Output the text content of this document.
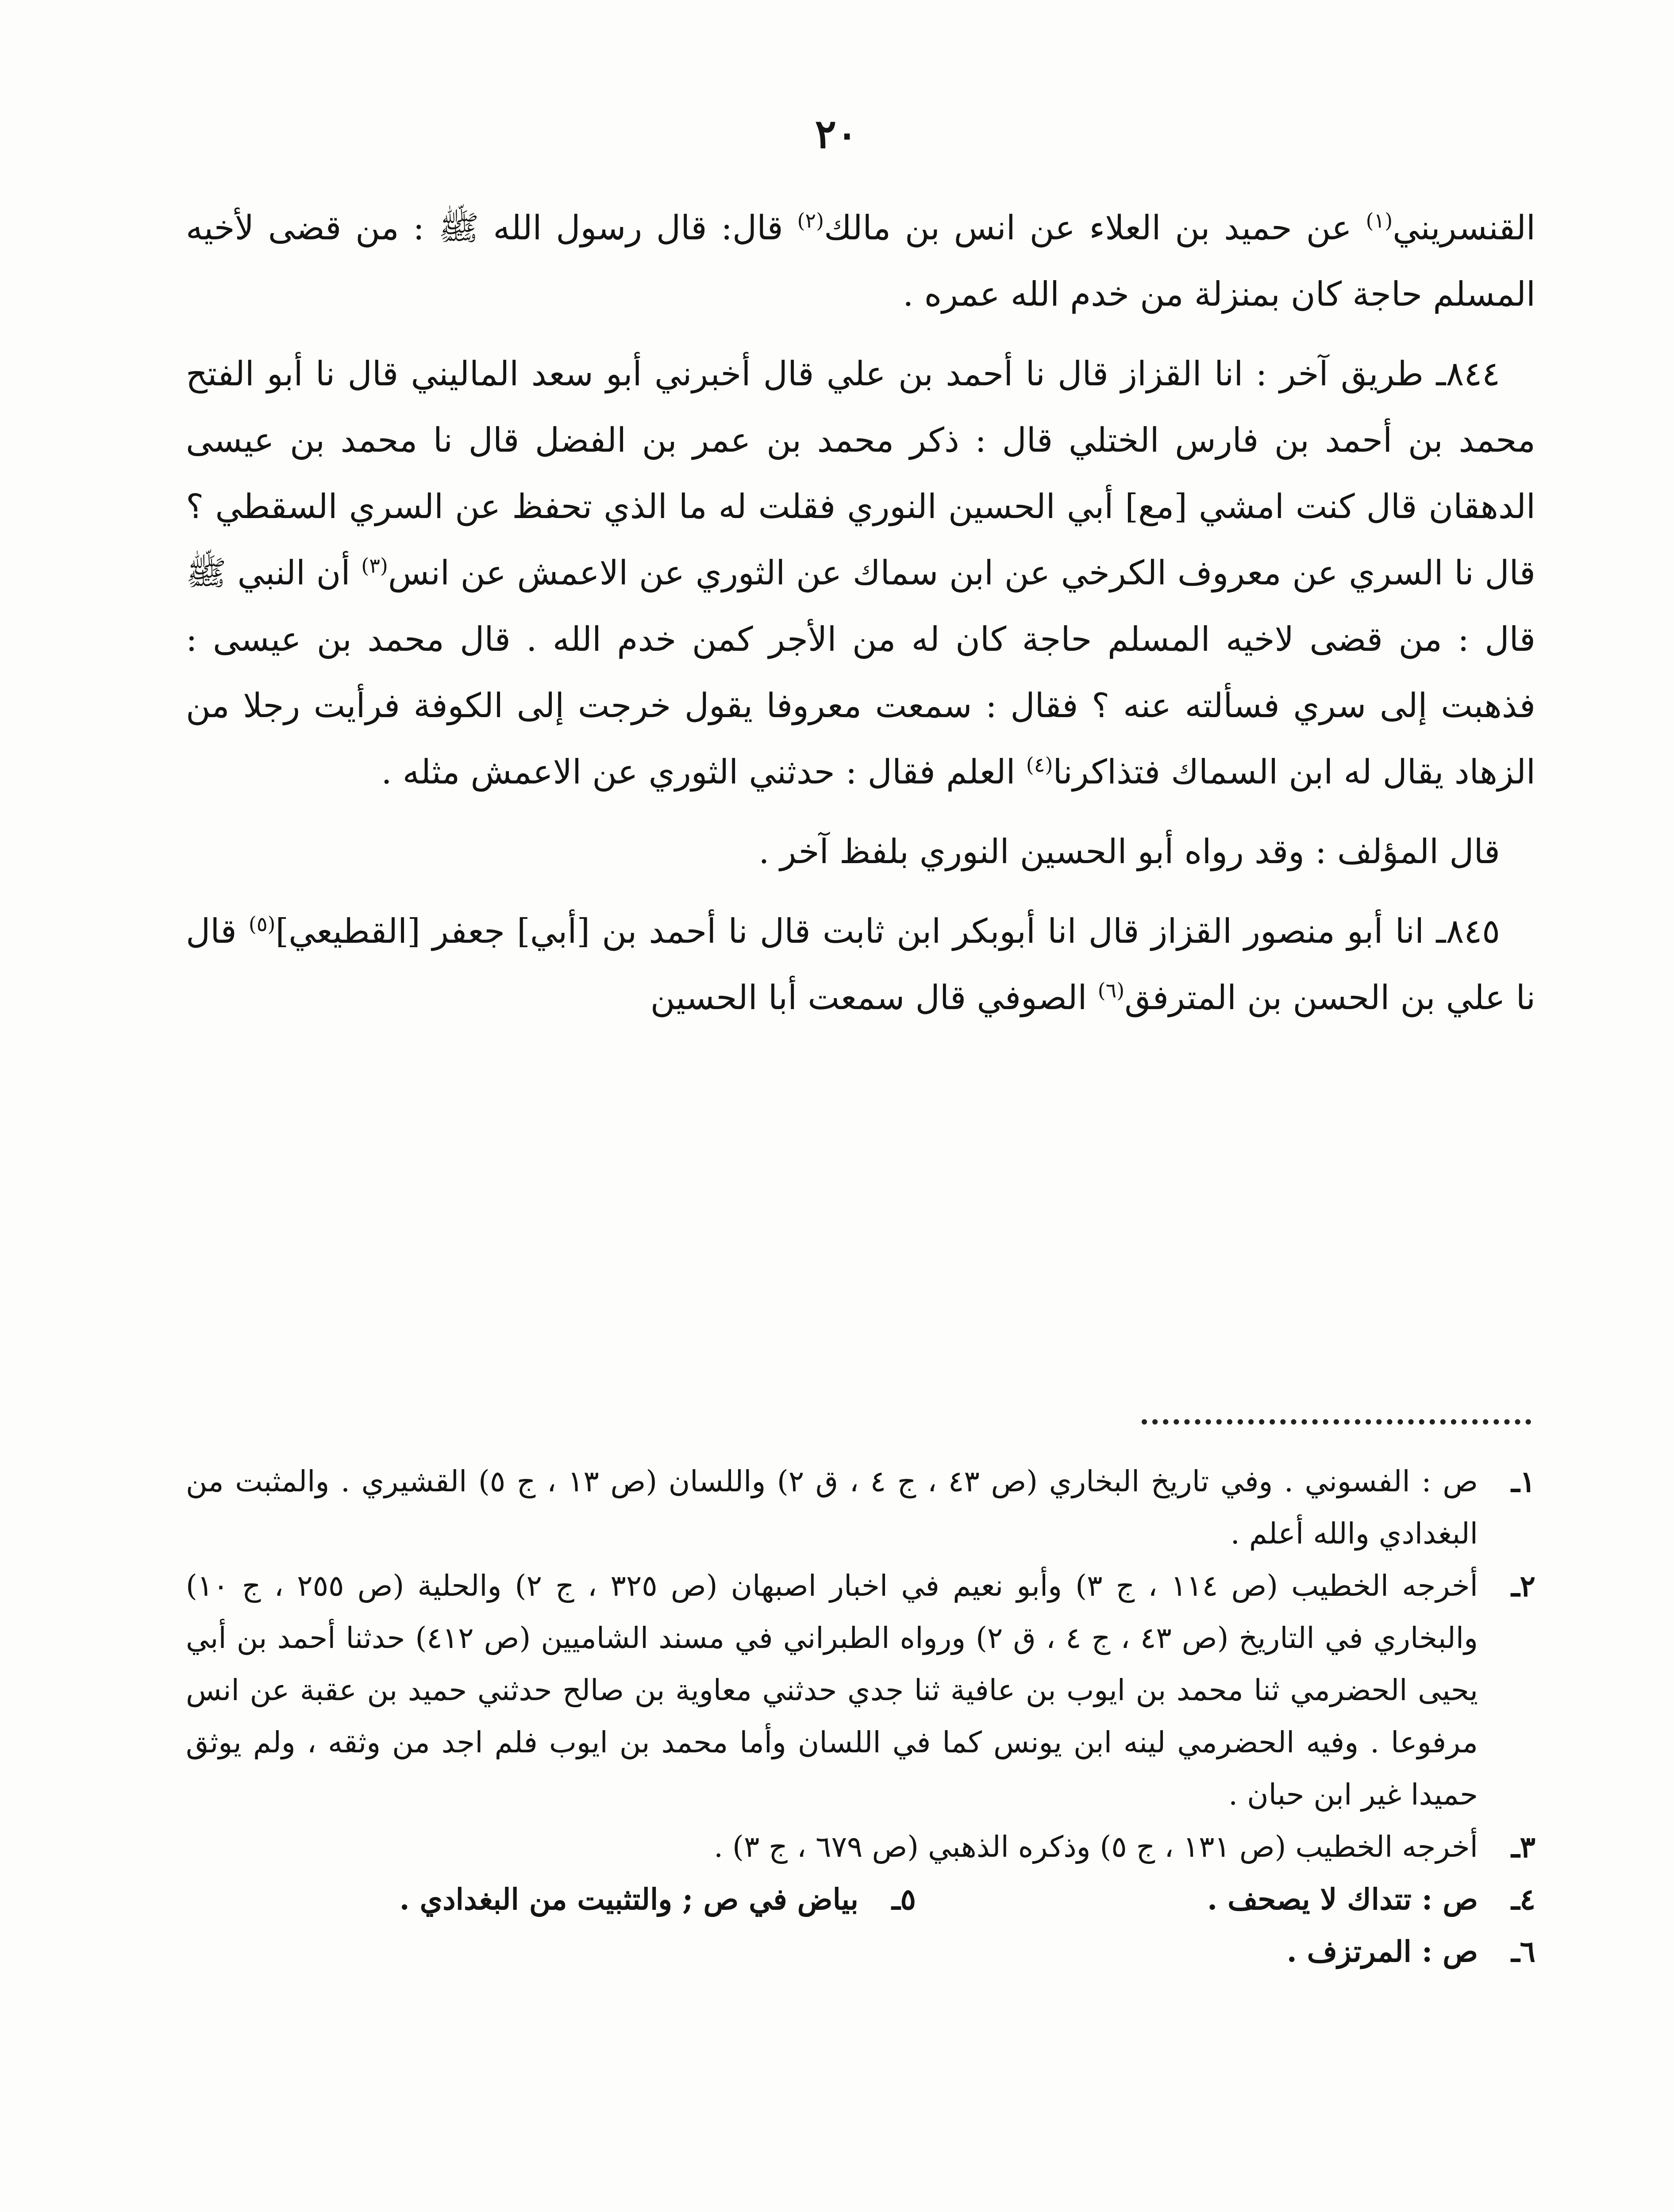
٢٠

القنسريني$^{(١)}$ عن حميد بن العلاء عن انس بن مالك$^{(٢)}$ قال: قال رسول الله ﷺ : من قضى لأخيه المسلم حاجة كان بمنزلة من خدم الله عمره .

٨٤٤ـ طريق آخر : انا القزاز قال نا أحمد بن علي قال أخبرني أبو سعد الماليني قال نا أبو الفتح محمد بن أحمد بن فارس الختلي قال : ذكر محمد بن عمر بن الفضل قال نا محمد بن عيسى الدهقان قال كنت امشي [مع] أبي الحسين النوري فقلت له ما الذي تحفظ عن السري السقطي ؟ قال نا السري عن معروف الكرخي عن ابن سماك عن الثوري عن الاعمش عن انس$^{(٣)}$ أن النبي ﷺ قال : من قضى لاخيه المسلم حاجة كان له من الأجر كمن خدم الله . قال محمد بن عيسى : فذهبت إلى سري فسألته عنه ؟ فقال : سمعت معروفا يقول خرجت إلى الكوفة فرأيت رجلا من الزهاد يقال له ابن السماك فتذاكرنا$^{(٤)}$ العلم فقال : حدثني الثوري عن الاعمش مثله .

قال المؤلف : وقد رواه أبو الحسين النوري بلفظ آخر .

٨٤٥ـ انا أبو منصور القزاز قال انا أبوبكر ابن ثابت قال نا أحمد بن [أبي] جعفر [القطيعي]$^{(٥)}$ قال نا علي بن الحسن بن المترفق$^{(٦)}$ الصوفي قال سمعت أبا الحسين

١ـ
ص : الفسوني . وفي تاريخ البخاري (ص ٤٣ ، ج ٤ ، ق ٢) واللسان (ص ١٣ ، ج ٥) القشيري . والمثبت من البغدادي والله أعلم .
٢ـ
أخرجه الخطيب (ص ١١٤ ، ج ٣) وأبو نعيم في اخبار اصبهان (ص ٣٢٥ ، ج ٢) والحلية (ص ٢٥٥ ، ج ١٠) والبخاري في التاريخ (ص ٤٣ ، ج ٤ ، ق ٢) ورواه الطبراني في مسند الشاميين (ص ٤١٢) حدثنا أحمد بن أبي يحيى الحضرمي ثنا محمد بن ايوب بن عافية ثنا جدي حدثني معاوية بن صالح حدثني حميد بن عقبة عن انس مرفوعا . وفيه الحضرمي لينه ابن يونس كما في اللسان وأما محمد بن ايوب فلم اجد من وثقه ، ولم يوثق حميدا غير ابن حبان .
٣ـ
أخرجه الخطيب (ص ١٣١ ، ج ٥) وذكره الذهبي (ص ٦٧٩ ، ج ٣) .
٤ـ
ص : تتداك لا يصحف .
٥ـ
بياض في ص ; والتثبيت من البغدادي .
٦ـ
ص : المرتزف .
